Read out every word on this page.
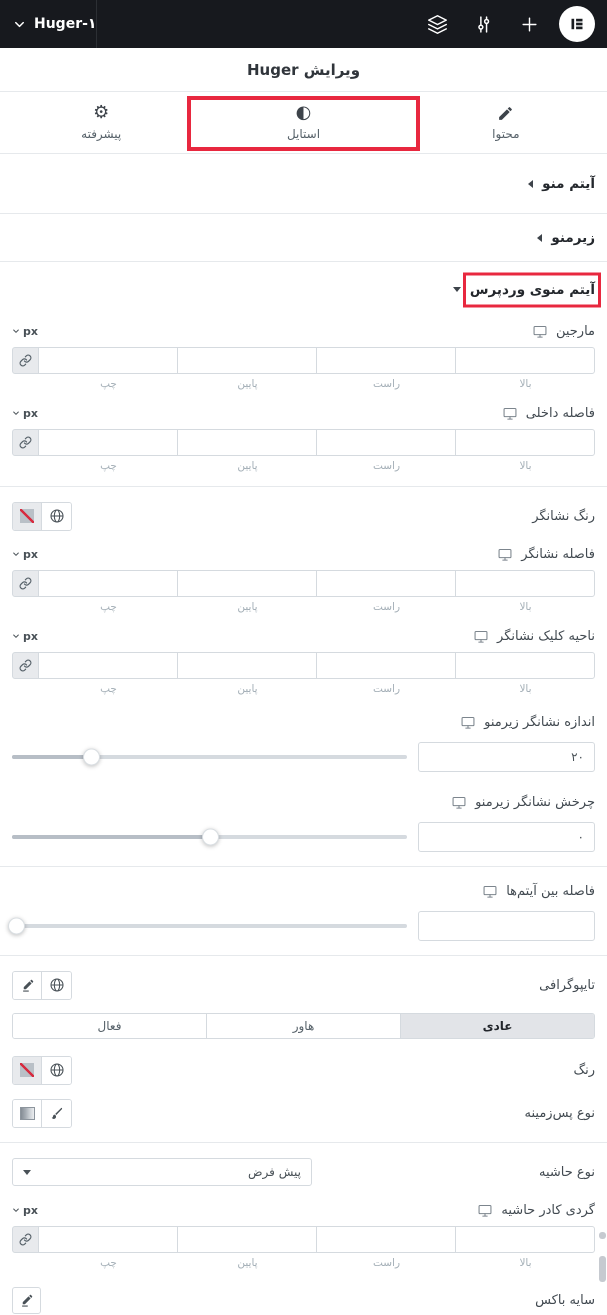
Huger-۱
ویرایش Huger
محتوا
◐
استایل
⚙
پیشرفته
آیتم منو
زیرمنو
آیتم منوی وردپرس
مارجین
px
بالا
راست
پایین
چپ
فاصله داخلی
px
بالا
راست
پایین
چپ
رنگ نشانگر
فاصله نشانگر
px
بالا
راست
پایین
چپ
ناحیه کلیک نشانگر
px
بالا
راست
پایین
چپ
اندازه نشانگر زیرمنو
۲۰
چرخش نشانگر زیرمنو
۰
فاصله بین آیتم‌ها
تایپوگرافی
عادی
هاور
فعال
رنگ
نوع پس‌زمینه
نوع حاشیه
پیش فرض
گردی کادر حاشیه
px
بالا
راست
پایین
چپ
سایه باکس
